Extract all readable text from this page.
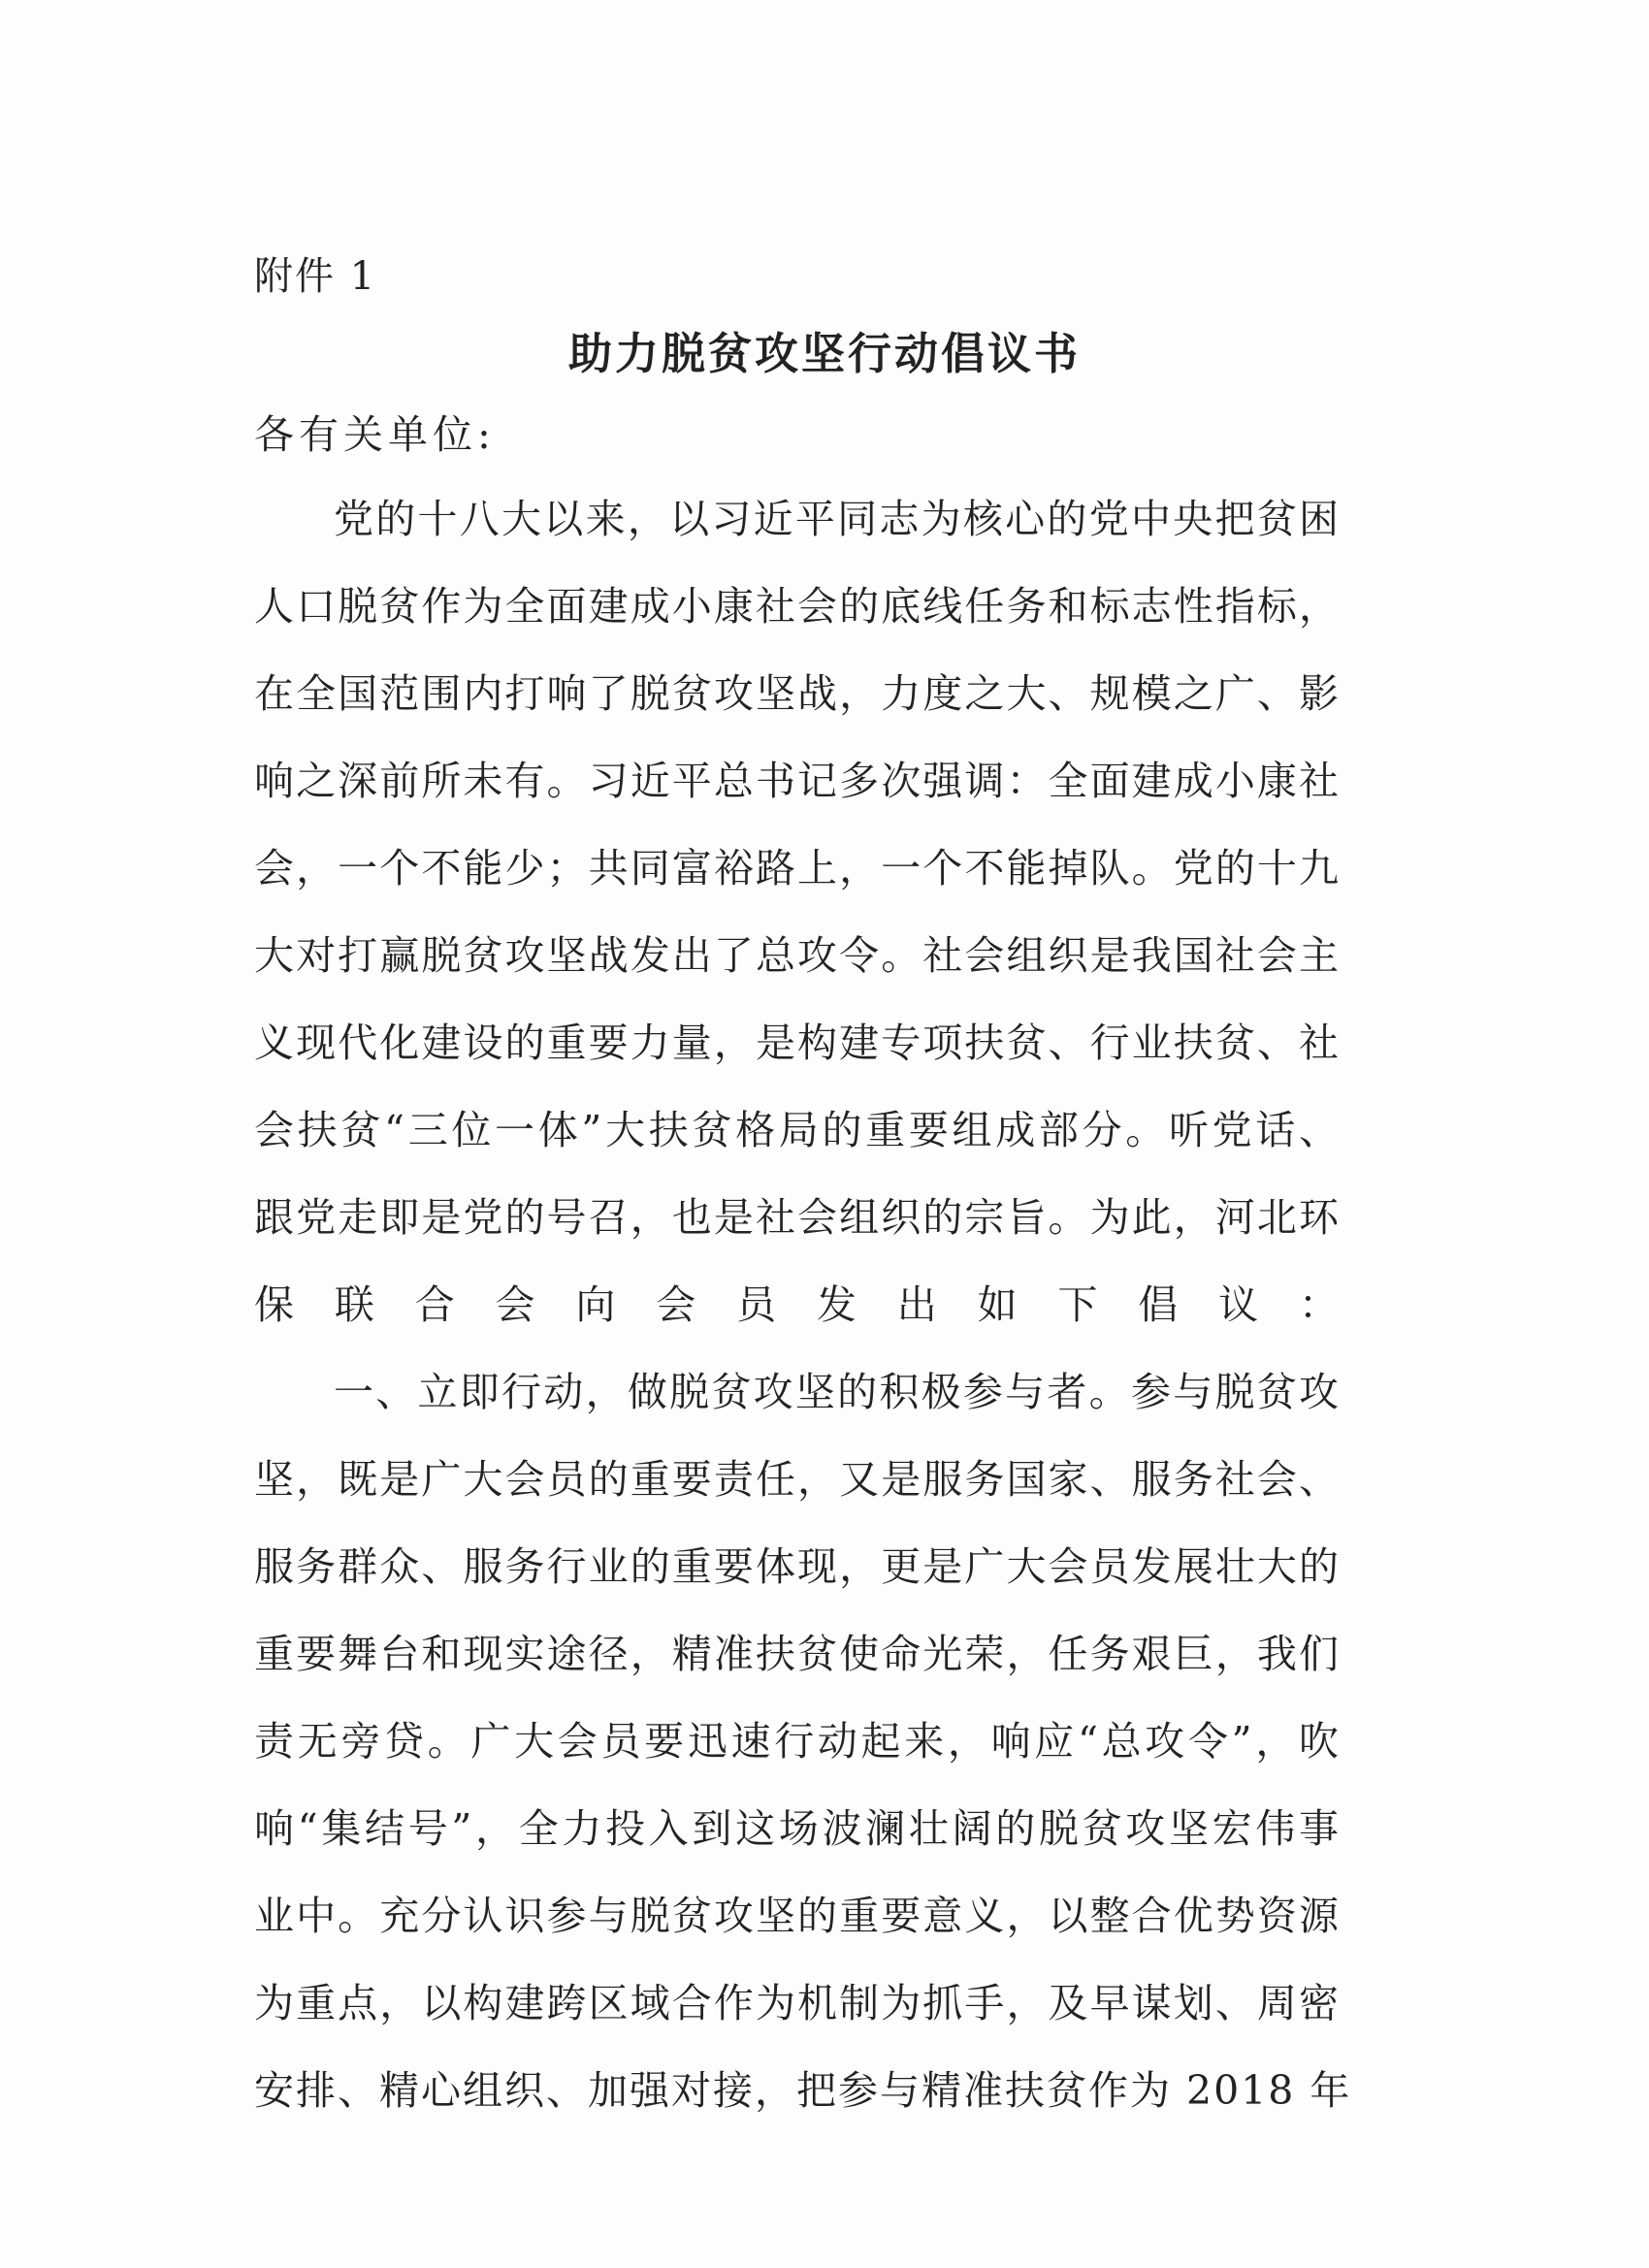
附件 1
助力脱贫攻坚行动倡议书
各有关单位:
党的十八大以来，以习近平同志为核心的党中央把贫困
人口脱贫作为全面建成小康社会的底线任务和标志性指标，
在全国范围内打响了脱贫攻坚战，力度之大、规模之广、影
响之深前所未有。习近平总书记多次强调：全面建成小康社
会，一个不能少；共同富裕路上，一个不能掉队。党的十九
大对打赢脱贫攻坚战发出了总攻令。社会组织是我国社会主
义现代化建设的重要力量，是构建专项扶贫、行业扶贫、社
会扶贫“三位一体”大扶贫格局的重要组成部分。听党话、
跟党走即是党的号召，也是社会组织的宗旨。为此，河北环
保联合会向会员发出如下倡议：
一、立即行动，做脱贫攻坚的积极参与者。参与脱贫攻
坚，既是广大会员的重要责任，又是服务国家、服务社会、
服务群众、服务行业的重要体现，更是广大会员发展壮大的
重要舞台和现实途径，精准扶贫使命光荣，任务艰巨，我们
责无旁贷。广大会员要迅速行动起来，响应“总攻令”，吹
响“集结号”，全力投入到这场波澜壮阔的脱贫攻坚宏伟事
业中。充分认识参与脱贫攻坚的重要意义，以整合优势资源
为重点，以构建跨区域合作为机制为抓手，及早谋划、周密
安排、精心组织、加强对接，把参与精准扶贫作为 2018 年
